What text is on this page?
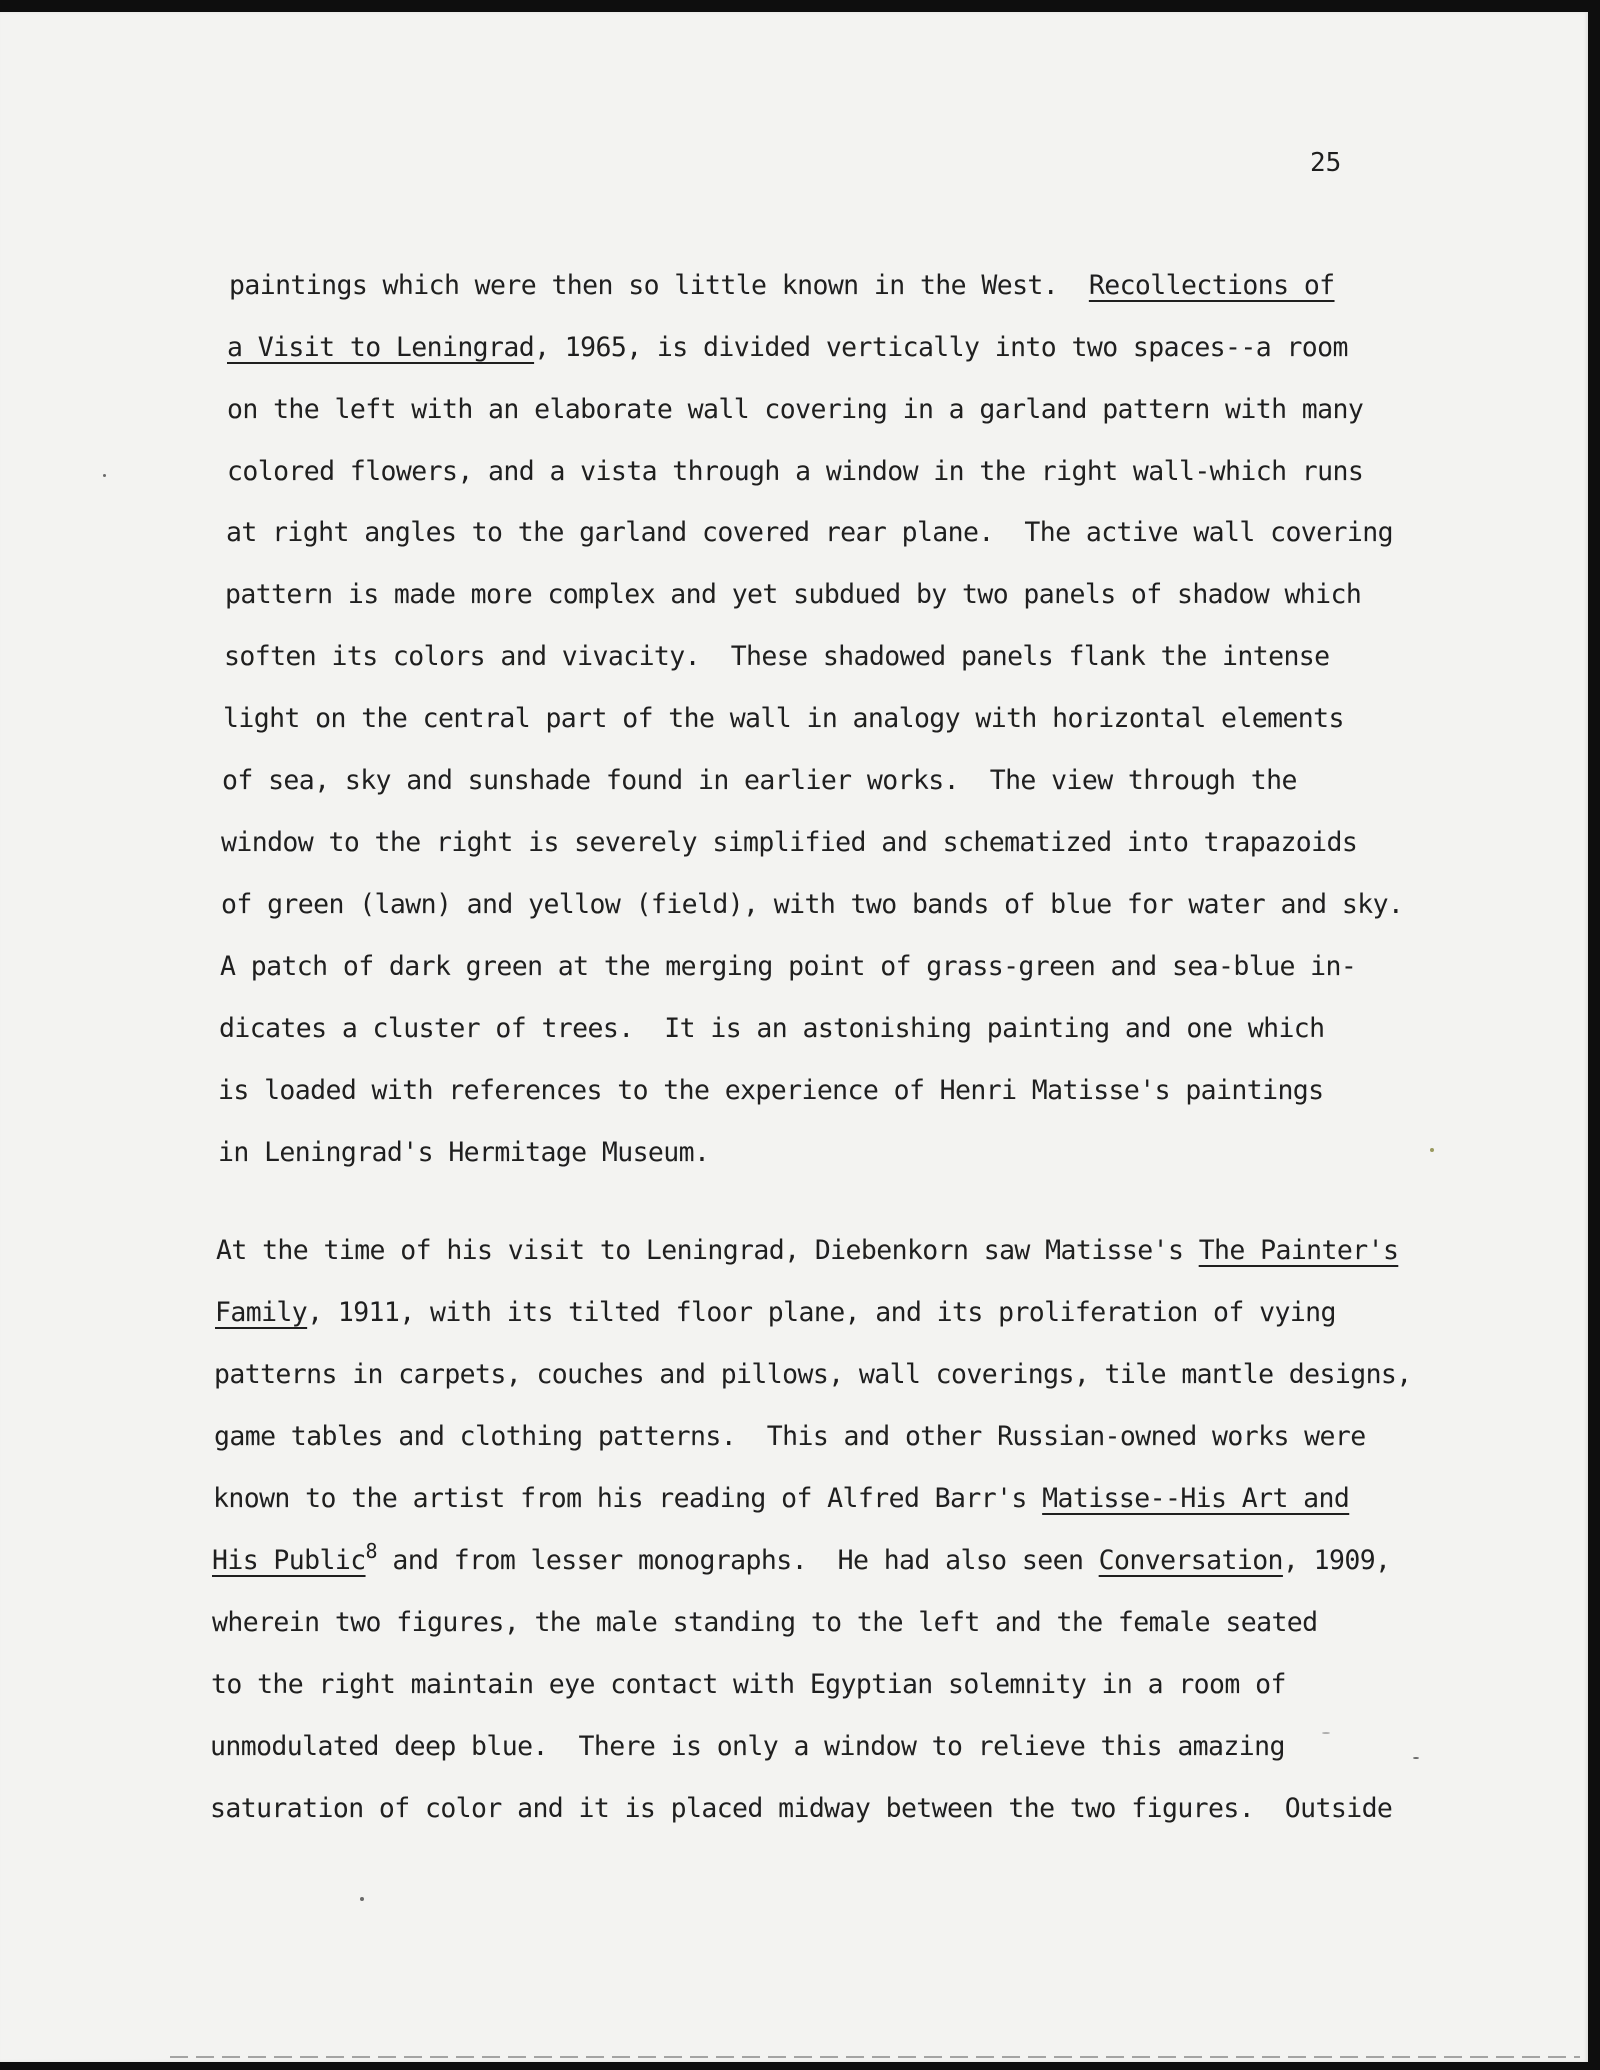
25
paintings which were then so little known in the West.  Recollections of
a Visit to Leningrad, 1965, is divided vertically into two spaces--a room
on the left with an elaborate wall covering in a garland pattern with many
colored flowers, and a vista through a window in the right wall-which runs
at right angles to the garland covered rear plane.  The active wall covering
pattern is made more complex and yet subdued by two panels of shadow which
soften its colors and vivacity.  These shadowed panels flank the intense
light on the central part of the wall in analogy with horizontal elements
of sea, sky and sunshade found in earlier works.  The view through the
window to the right is severely simplified and schematized into trapazoids
of green (lawn) and yellow (field), with two bands of blue for water and sky.
A patch of dark green at the merging point of grass-green and sea-blue in-
dicates a cluster of trees.  It is an astonishing painting and one which
is loaded with references to the experience of Henri Matisse's paintings
in Leningrad's Hermitage Museum.
At the time of his visit to Leningrad, Diebenkorn saw Matisse's The Painter's
Family, 1911, with its tilted floor plane, and its proliferation of vying
patterns in carpets, couches and pillows, wall coverings, tile mantle designs,
game tables and clothing patterns.  This and other Russian-owned works were
known to the artist from his reading of Alfred Barr's Matisse--His Art and
His Public$^8$ and from lesser monographs.  He had also seen Conversation, 1909,
wherein two figures, the male standing to the left and the female seated
to the right maintain eye contact with Egyptian solemnity in a room of
unmodulated deep blue.  There is only a window to relieve this amazing
saturation of color and it is placed midway between the two figures.  Outside
